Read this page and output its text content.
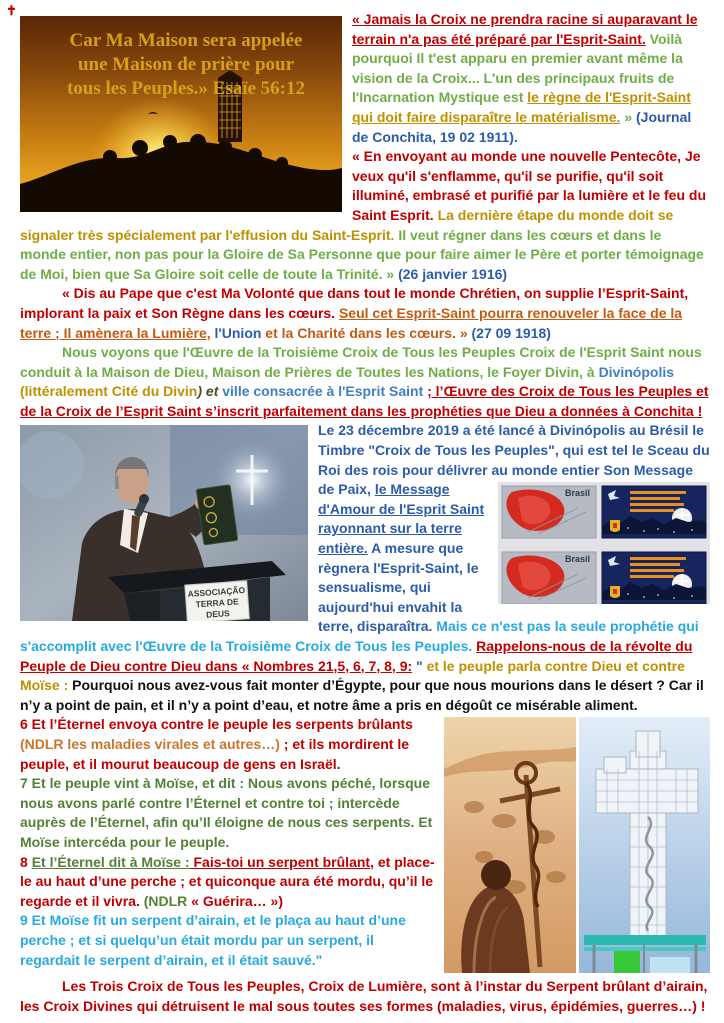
✝
Car Ma Maison sera appelée
une Maison de prière pour
tous les Peuples.» Esaïe 56:12

« Jamais la Croix ne prendra racine si auparavant le terrain n'a pas été préparé par l'Esprit-Saint. Voilà pourquoi Il t'est apparu en premier avant même la vision de la Croix... L'un des principaux fruits de l'Incarnation Mystique est le règne de l'Esprit-Saint qui doit faire disparaître le matérialisme. » (Journal de Conchita, 19 02 1911).
« En envoyant au monde une nouvelle Pentecôte, Je veux qu'il s'enflamme, qu'il se purifie, qu'il soit illuminé, embrasé et purifié par la lumière et le feu du Saint Esprit. La dernière étape du monde doit se signaler très spécialement par l'effusion du Saint-Esprit. Il veut régner dans les cœurs et dans le monde entier, non pas pour la Gloire de Sa Personne que pour faire aimer le Père et porter témoignage de Moi, bien que Sa Gloire soit celle de toute la Trinité. » (26 janvier 1916)

« Dis au Pape que c'est Ma Volonté que dans tout le monde Chrétien, on supplie l’Esprit-Saint, implorant la paix et Son Règne dans les cœurs. Seul cet Esprit-Saint pourra renouveler la face de la terre ; Il amènera la Lumière, l'Union et la Charité dans les cœurs. » (27 09 1918)

Nous voyons que l'Œuvre de la Troisième Croix de Tous les Peuples Croix de l'Esprit Saint nous conduit à la Maison de Dieu, Maison de Prières de Toutes les Nations, le Foyer Divin, à Divinópolis (littéralement Cité du Divin) et ville consacrée à l'Esprit Saint ; l’Œuvre des Croix de Tous les Peuples et de la Croix de l’Esprit Saint s’inscrit parfaitement dans les prophéties que Dieu a données à Conchita !

ASSOCIAÇÃO
TERRA DE
DEUS

Le 23 décembre 2019 a été lancé à Divinópolis au Brésil le Timbre "Croix de Tous les Peuples", qui est tel le Sceau du Roi des rois pour délivrer au monde entier Son Message de Paix,	Brasil
le Message d'Amour de l'Esprit Saint rayonnant sur la terre entière. A mesure que règnera l'Esprit-Saint, le sensualisme, qui aujourd'hui envahit la terre, disparaîtra. Mais ce n'est pas la seule prophétie qui s'accomplit avec l'Œuvre de la Troisième Croix de Tous les Peuples. Rappelons-nous de la révolte du Peuple de Dieu contre Dieu dans « Nombres 21,5, 6, 7, 8, 9: " et le peuple parla contre Dieu et contre Moïse : Pourquoi nous avez-vous fait monter d’Égypte, pour que nous mourions dans le désert ? Car il n’y a point de pain, et il n’y a point d’eau, et notre âme a pris en dégoût ce misérable aliment.

6 Et l’Éternel envoya contre le peuple les serpents brûlants (NDLR les maladies virales et autres…) ; et ils mordirent le peuple, et il mourut beaucoup de gens en Israël.
7 Et le peuple vint à Moïse, et dit : Nous avons péché, lorsque nous avons parlé contre l’Éternel et contre toi ; intercède auprès de l’Éternel, afin qu’Il éloigne de nous ces serpents. Et Moïse intercéda pour le peuple.
8 Et l’Éternel dit à Moïse : Fais-toi un serpent brûlant, et place-le au haut d’une perche ; et quiconque aura été mordu, qu’il le regarde et il vivra. (NDLR « Guérira… »)
9 Et Moïse fit un serpent d’airain, et le plaça au haut d’une perche ; et si quelqu’un était mordu par un serpent, il regardait le serpent d’airain, et il était sauvé."

Les Trois Croix de Tous les Peuples, Croix de Lumière, sont à l’instar du Serpent brûlant d’airain, les Croix Divines qui détruisent le mal sous toutes ses formes (maladies, virus, épidémies, guerres…) !
